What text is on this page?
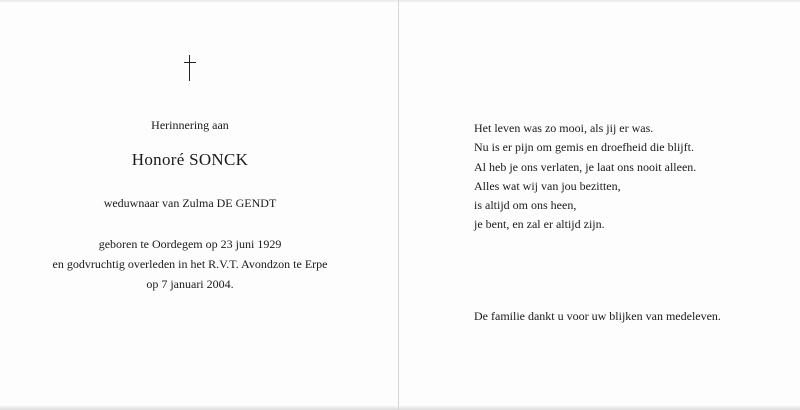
Herinnering aan
Honoré SONCK
weduwnaar van Zulma DE GENDT
geboren te Oordegem op 23 juni 1929
en godvruchtig overleden in het R.V.T. Avondzon te Erpe
op 7 januari 2004.
Het leven was zo mooi, als jij er was.
Nu is er pijn om gemis en droefheid die blijft.
Al heb je ons verlaten, je laat ons nooit alleen.
Alles wat wij van jou bezitten,
is altijd om ons heen,
je bent, en zal er altijd zijn.
De familie dankt u voor uw blijken van medeleven.
